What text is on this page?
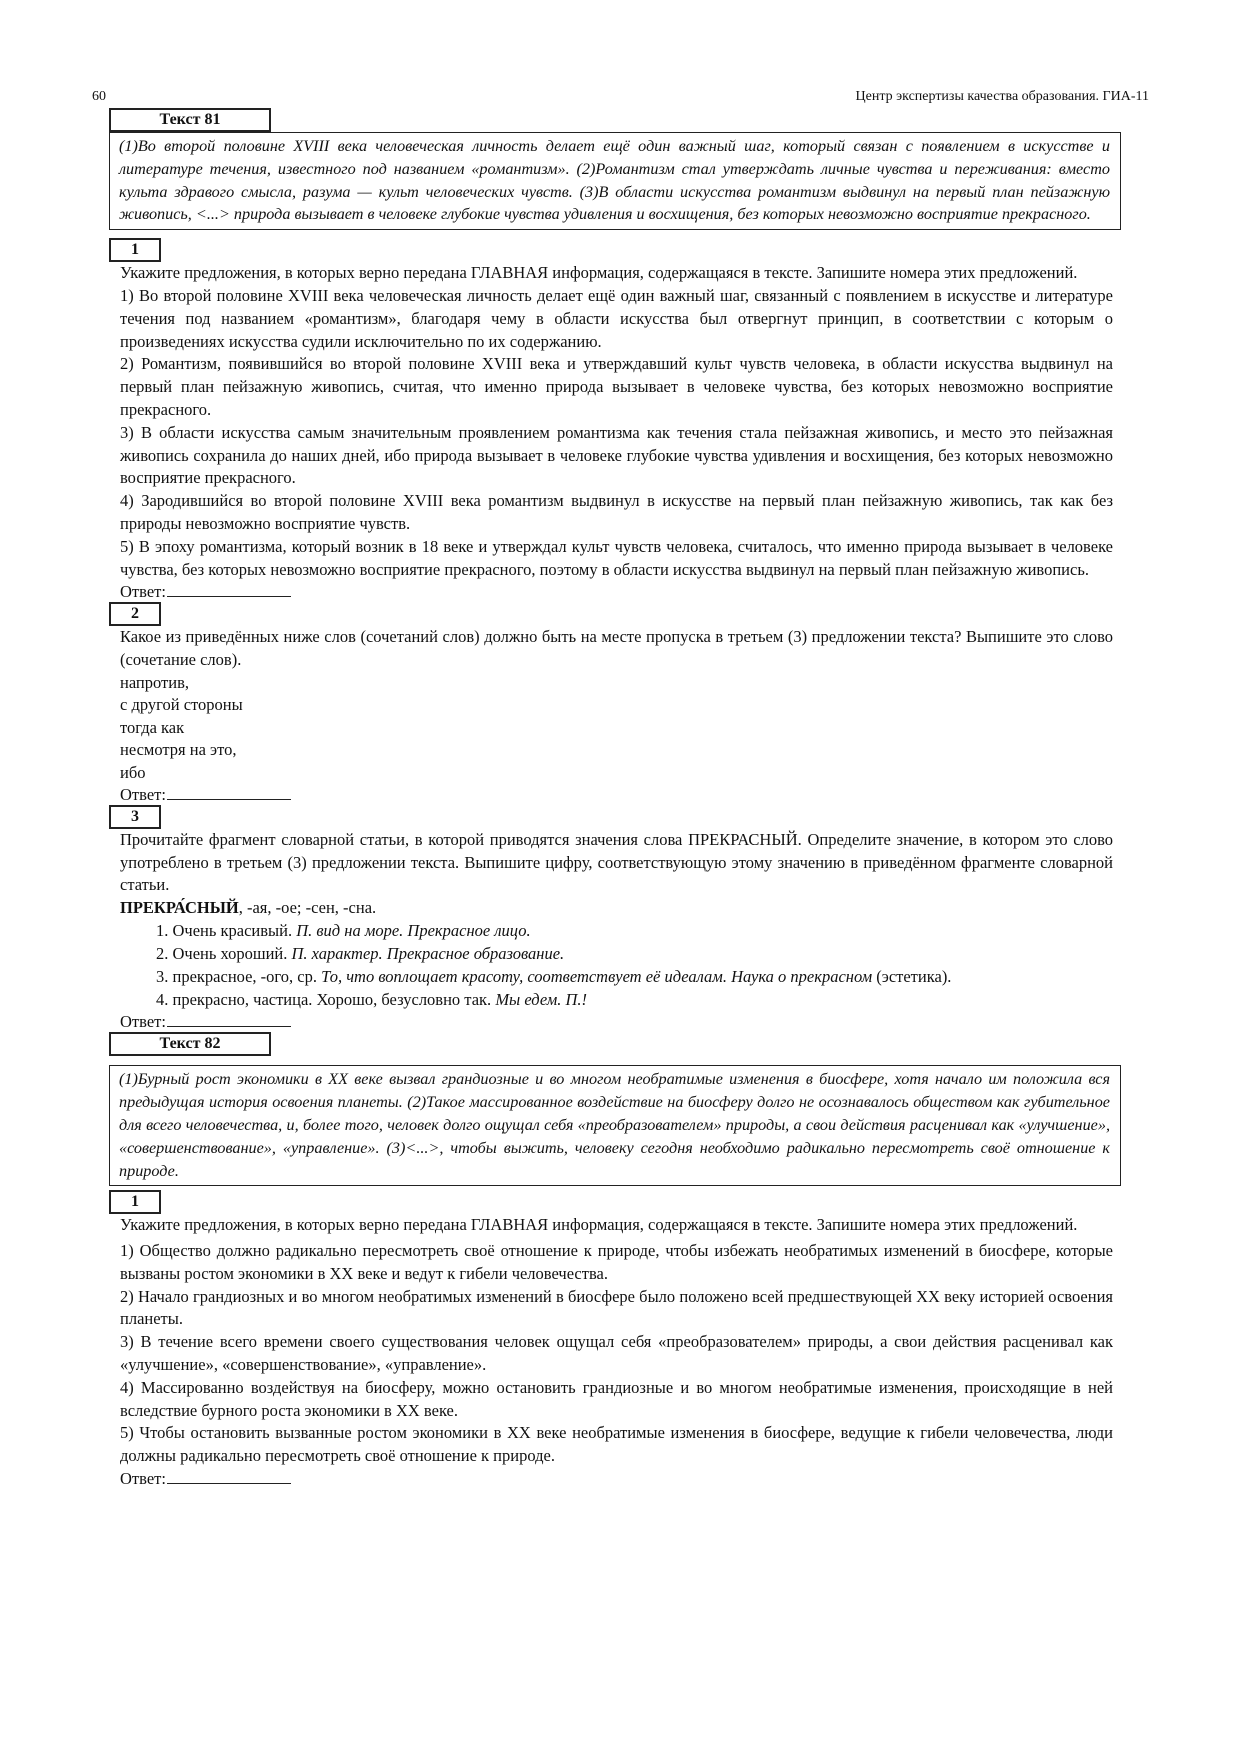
60	Центр экспертизы качества образования. ГИА-11
Текст 81
(1)Во второй половине XVIII века человеческая личность делает ещё один важный шаг, который связан с появлением в искусстве и литературе течения, известного под названием «романтизм». (2)Романтизм стал утверждать личные чувства и переживания: вместо культа здравого смысла, разума — культ человеческих чувств. (3)В области искусства романтизм выдвинул на первый план пейзажную живопись, <...> природа вызывает в человеке глубокие чувства удивления и восхищения, без которых невозможно восприятие прекрасного.
1

Укажите предложения, в которых верно передана ГЛАВНАЯ информация, содержащаяся в тексте. Запишите номера этих предложений.

1) Во второй половине XVIII века человеческая личность делает ещё один важный шаг, связанный с появлением в искусстве и литературе течения под названием «романтизм», благодаря чему в области искусства был отвергнут принцип, в соответствии с которым о произведениях искусства судили исключительно по их содержанию.

2) Романтизм, появившийся во второй половине XVIII века и утверждавший культ чувств человека, в области искусства выдвинул на первый план пейзажную живопись, считая, что именно природа вызывает в человеке чувства, без которых невозможно восприятие прекрасного.

3) В области искусства самым значительным проявлением романтизма как течения стала пейзажная живопись, и место это пейзажная живопись сохранила до наших дней, ибо природа вызывает в человеке глубокие чувства удивления и восхищения, без которых невозможно восприятие прекрасного.

4) Зародившийся во второй половине XVIII века романтизм выдвинул в искусстве на первый план пейзажную живопись, так как без природы невозможно восприятие чувств.

5) В эпоху романтизма, который возник в 18 веке и утверждал культ чувств человека, считалось, что именно природа вызывает в человеке чувства, без которых невозможно восприятие прекрасного, поэтому в области искусства выдвинул на первый план пейзажную живопись.

Ответ:

2

Какое из приведённых ниже слов (сочетаний слов) должно быть на месте пропуска в третьем (3) предложении текста? Выпишите это слово (сочетание слов).

напротив,

с другой стороны

тогда как

несмотря на это,

ибо

Ответ:

3

Прочитайте фрагмент словарной статьи, в которой приводятся значения слова ПРЕКРАСНЫЙ. Определите значение, в котором это слово употреблено в третьем (3) предложении текста. Выпишите цифру, соответствующую этому значению в приведённом фрагменте словарной статьи.

ПРЕКРА́СНЫЙ, -ая, -ое; -сен, -сна.

1. Очень красивый. П. вид на море. Прекрасное лицо.

2. Очень хороший. П. характер. Прекрасное образование.

3. прекрасное, -ого, ср. То, что воплощает красоту, соответствует её идеалам. Наука о прекрасном (эстетика).

4. прекрасно, частица. Хорошо, безусловно так. Мы едем. П.!

Ответ:

Текст 82
(1)Бурный рост экономики в XX веке вызвал грандиозные и во многом необратимые изменения в биосфере, хотя начало им положила вся предыдущая история освоения планеты. (2)Такое массированное воздействие на биосферу долго не осознавалось обществом как губительное для всего человечества, и, более того, человек долго ощущал себя «преобразователем» природы, а свои действия расценивал как «улучшение», «совершенствование», «управление». (3)<...>, чтобы выжить, человеку сегодня необходимо радикально пересмотреть своё отношение к природе.
1

Укажите предложения, в которых верно передана ГЛАВНАЯ информация, содержащаяся в тексте. Запишите номера этих предложений.

1) Общество должно радикально пересмотреть своё отношение к природе, чтобы избежать необратимых изменений в биосфере, которые вызваны ростом экономики в XX веке и ведут к гибели человечества.

2) Начало грандиозных и во многом необратимых изменений в биосфере было положено всей предшествующей XX веку историей освоения планеты.

3) В течение всего времени своего существования человек ощущал себя «преобразователем» природы, а свои действия расценивал как «улучшение», «совершенствование», «управление».

4) Массированно воздействуя на биосферу, можно остановить грандиозные и во многом необратимые изменения, происходящие в ней вследствие бурного роста экономики в XX веке.

5) Чтобы остановить вызванные ростом экономики в XX веке необратимые изменения в биосфере, ведущие к гибели человечества, люди должны радикально пересмотреть своё отношение к природе.

Ответ:
